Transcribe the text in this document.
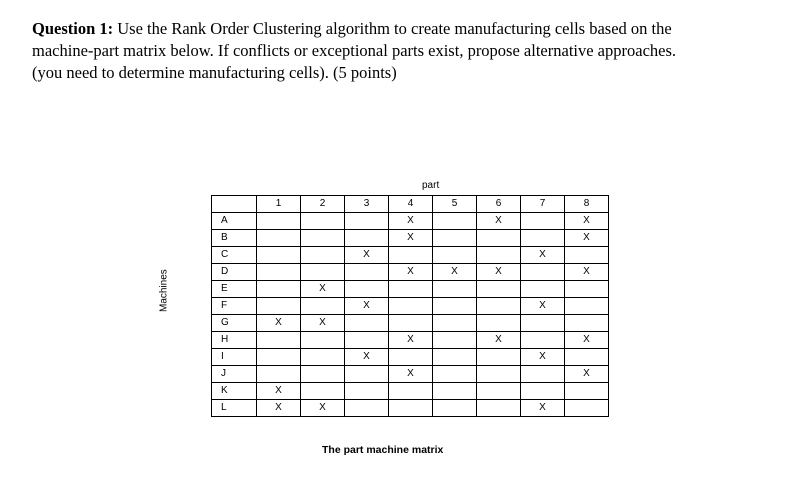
Question 1: Use the Rank Order Clustering algorithm to create manufacturing cells based on the
machine-part matrix below. If conflicts or exceptional parts exist, propose alternative approaches.
(you need to determine manufacturing cells). (5 points)
part
Machines
	1	2	3	4	5	6	7	8
A				X		X		X
B				X				X
C			X				X	
D				X	X	X		X
E		X						
F			X				X	
G	X	X						
H				X		X		X
I			X				X	
J				X				X
K	X							
L	X	X					X	
The part machine matrix
